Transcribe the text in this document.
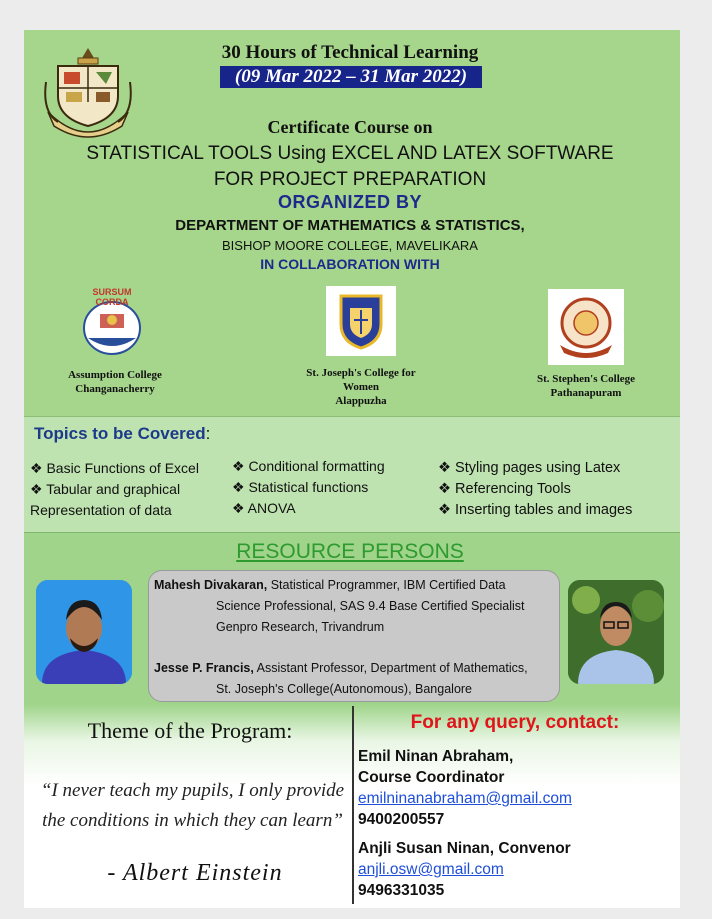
30 Hours of Technical Learning
(09 Mar 2022 – 31 Mar 2022)
Certificate Course on
STATISTICAL TOOLS Using EXCEL AND LATEX SOFTWARE
FOR PROJECT PREPARATION
ORGANIZED BY
DEPARTMENT OF MATHEMATICS & STATISTICS,
BISHOP MOORE COLLEGE, MAVELIKARA
IN COLLABORATION WITH
SURSUM CORDA
Assumption College
Changanacherry
St. Joseph's College for
Women
Alappuzha
St. Stephen's College
Pathanapuram
Topics to be Covered:
❖ Basic Functions of Excel
❖ Tabular and graphical
Representation of data
❖ Conditional formatting
❖ Statistical functions
❖ ANOVA
❖ Styling pages using Latex
❖ Referencing Tools
❖ Inserting tables and images
RESOURCE PERSONS
Mahesh Divakaran, Statistical Programmer, IBM Certified Data
Science Professional, SAS 9.4 Base Certified Specialist
Genpro Research, Trivandrum
Jesse P. Francis, Assistant Professor, Department of Mathematics,
St. Joseph's College(Autonomous), Bangalore
Theme of the Program:
“I never teach my pupils, I only provide the conditions in which they can learn”
- Albert Einstein
For any query, contact:
Emil Ninan Abraham,
Course Coordinator
emilninanabraham@gmail.com
9400200557
Anjli Susan Ninan, Convenor
anjli.osw@gmail.com
9496331035
